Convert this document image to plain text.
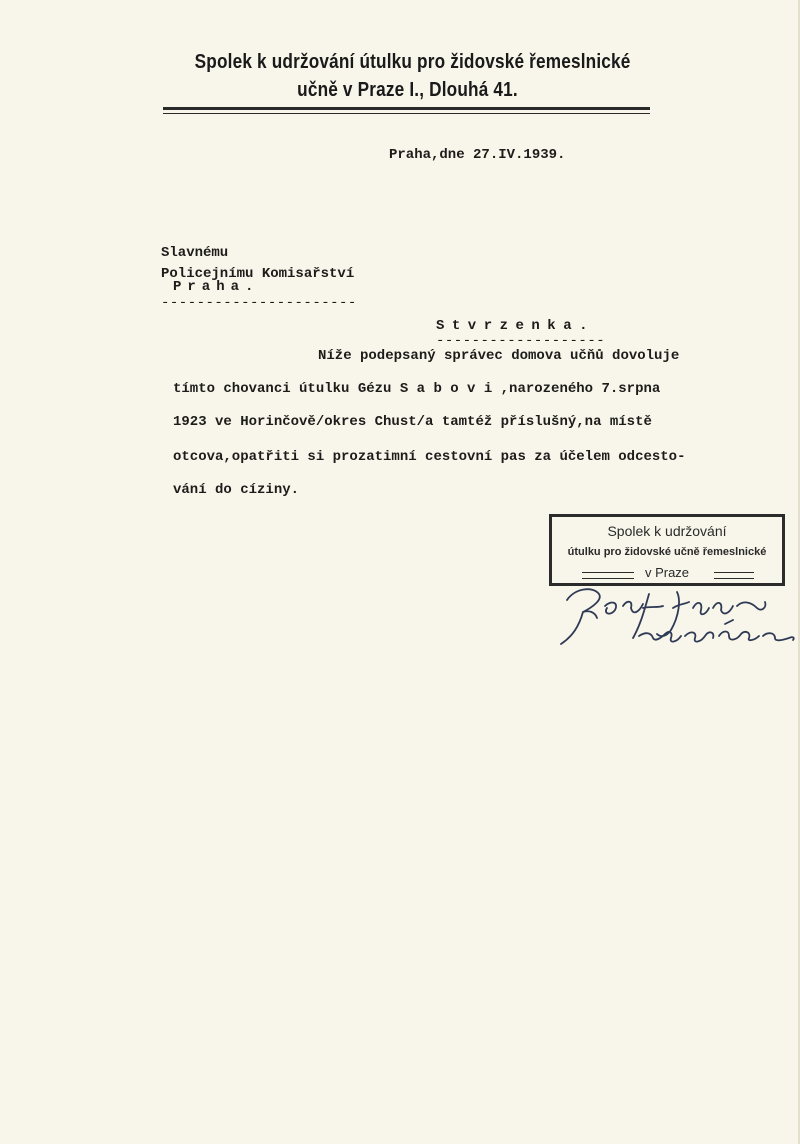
Spolek k udržování útulku pro židovské řemeslnické
učně v Praze I., Dlouhá 41.
Praha,dne 27.IV.1939.
Slavnému
Policejnímu Komisařství
Praha.
----------------------
Stvrzenka.
-------------------
Níže podepsaný správec domova učňů dovoluje
tímto chovanci útulku Gézu S a b o v i ,narozeného 7.srpna
1923 ve Horinčově/okres Chust/a tamtéž příslušný,na místě
otcova,opatřiti si prozatimní cestovní pas za účelem odcesto-
vání do cíziny.
Spolek k udržování
útulku pro židovské učně řemeslnické
v Praze
